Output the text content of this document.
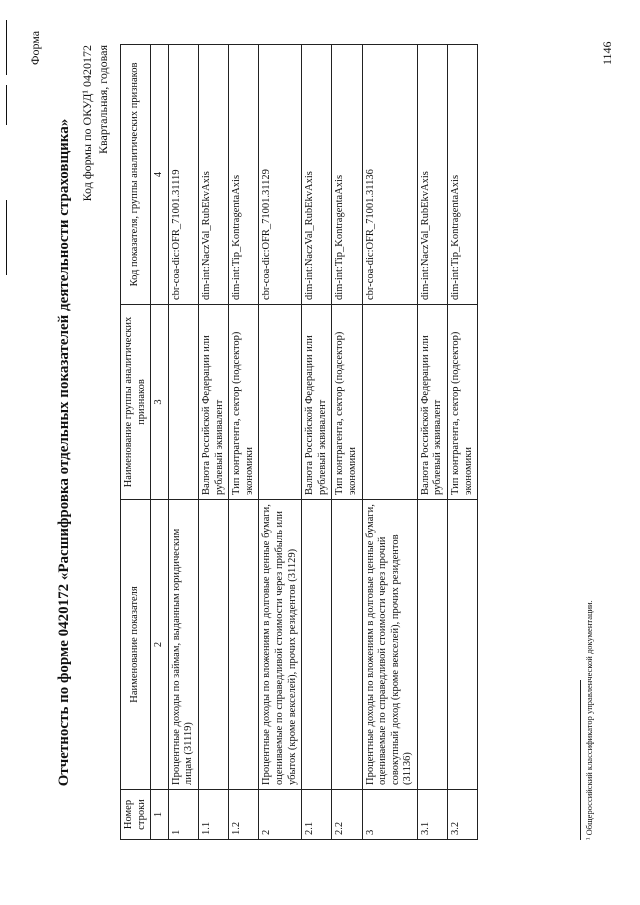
Форма
Отчетность по форме 0420172 «Расшифровка отдельных показателей деятельности страховщика» Код формы по ОКУД¹ 0420172 Квартальная, годовая
Номер строки	Наименование показателя	Наименование группы аналитических признаков	Код показателя, группы аналитических признаков
1	2	3	4
1	Процентные доходы по займам, выданным юридическим лицам (31119)		cbr-coa-dic:OFR_71001.31119
1.1		Валюта Российской Федерации или рублевый эквивалент	dim-int:NaczVal_RubEkvAxis
1.2		Тип контрагента, сектор (подсектор) экономики	dim-int:Tip_KontragentaAxis
2	Процентные доходы по вложениям в долговые ценные бумаги, оцениваемые по справедливой стоимости через прибыль или убыток (кроме векселей), прочих резидентов (31129)		cbr-coa-dic:OFR_71001.31129
2.1		Валюта Российской Федерации или рублевый эквивалент	dim-int:NaczVal_RubEkvAxis
2.2		Тип контрагента, сектор (подсектор) экономики	dim-int:Tip_KontragentaAxis
3	Процентные доходы по вложениям в долговые ценные бумаги, оцениваемые по справедливой стоимости через прочий совокупный доход (кроме векселей), прочих резидентов (31136)		cbr-coa-dic:OFR_71001.31136
3.1		Валюта Российской Федерации или рублевый эквивалент	dim-int:NaczVal_RubEkvAxis
3.2		Тип контрагента, сектор (подсектор) экономики	dim-int:Tip_KontragentaAxis
¹ Общероссийский классификатор управленческой документации.
1146
